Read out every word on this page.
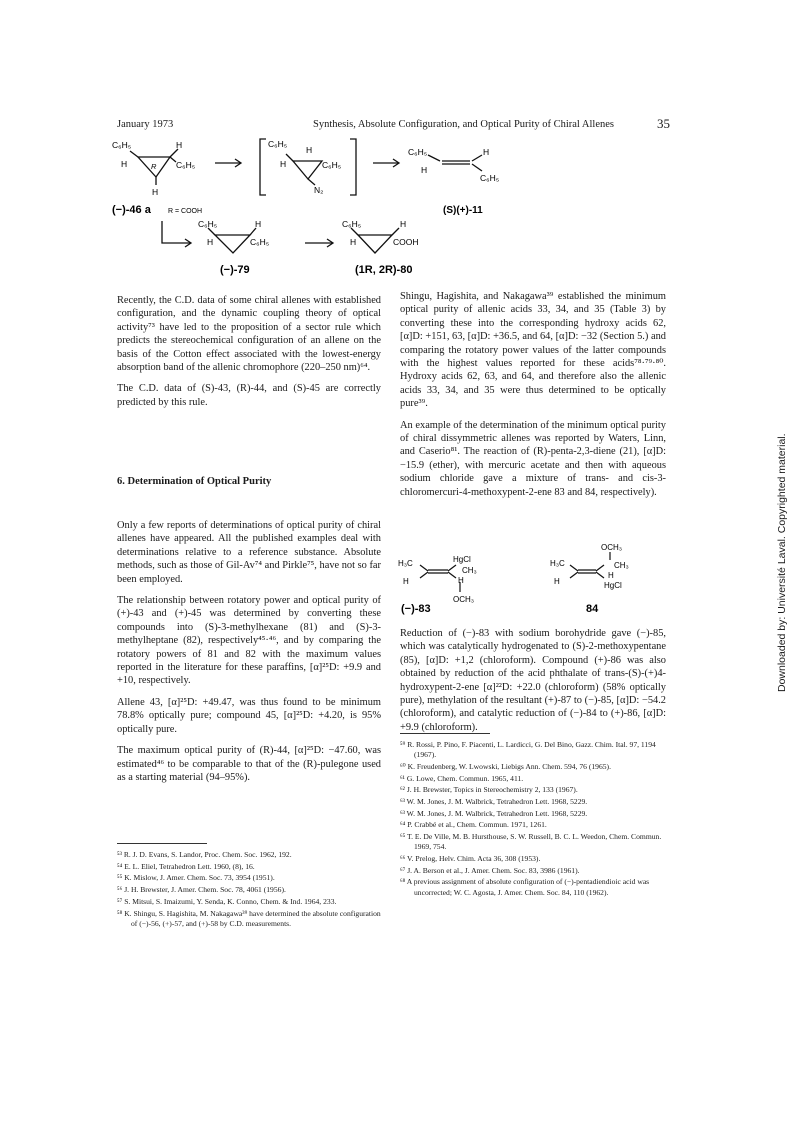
January 1973	Synthesis, Absolute Configuration, and Optical Purity of Chiral Allenes	35
C₆H₅	H
H	R C₆H₅
H
C₆H₅
H
H	C₆H₅
N₂
C₆H₅
H
H
C₆H₅
C₆H₅	H
H	C₆H₅
C₆H₅	H
H	COOH
(−)-46 a R = COOH	(S)(+)-11
(−)-79	(1R, 2R)-80

Recently, the C.D. data of some chiral allenes with established configuration, and the dynamic coupling theory of optical activity⁷³ have led to the proposition of a sector rule which predicts the stereochemical configuration of an allene on the basis of the Cotton effect associated with the lowest-energy absorption band of the allenic chromophore (220–250 nm)⁶⁴.

The C.D. data of (S)-43, (R)-44, and (S)-45 are correctly predicted by this rule.

6. Determination of Optical Purity

Only a few reports of determinations of optical purity of chiral allenes have appeared. All the published examples deal with determinations relative to a reference substance. Absolute methods, such as those of Gil-Av⁷⁴ and Pirkle⁷⁵, have not so far been employed.

The relationship between rotatory power and optical purity of (+)-43 and (+)-45 was determined by converting these compounds into (S)-3-methylhexane (81) and (S)-3-methylheptane (82), respectively⁴⁵·⁴⁶, and by comparing the rotatory powers of 81 and 82 with the maximum values reported in the literature for these paraffins, [α]²⁵D: +9.9 and +10, respectively.

Allene 43, [α]²⁵D: +49.47, was thus found to be minimum 78.8% optically pure; compound 45, [α]²⁵D: +4.20, is 95% optically pure.

The maximum optical purity of (R)-44, [α]²⁵D: −47.60, was estimated⁴⁶ to be comparable to that of the (R)-pulegone used as a starting material (94–95%).

Shingu, Hagishita, and Nakagawa³⁹ established the minimum optical purity of allenic acids 33, 34, and 35 (Table 3) by converting these into the corresponding hydroxy acids 62, [α]D: +151, 63, [α]D: +36.5, and 64, [α]D: −32 (Section 5.) and comparing the rotatory power values of the latter compounds with the highest values reported for these acids⁷⁸·⁷⁹·⁸⁰. Hydroxy acids 62, 63, and 64, and therefore also the allenic acids 33, 34, and 35 were thus determined to be optically pure³⁹.

An example of the determination of the minimum optical purity of chiral dissymmetric allenes was reported by Waters, Linn, and Caserio⁸¹. The reaction of (R)-penta-2,3-diene (21), [α]D: −15.9 (ether), with mercuric acetate and then with aqueous sodium chloride gave a mixture of trans- and cis-3-chloromercuri-4-methoxypent-2-ene 83 and 84, respectively).

H₃C
H
HgCl
CH₃
H
OCH₃
H₃C
H
OCH₃
CH₃
H
HgCl
(−)-83	84

Reduction of (−)-83 with sodium borohydride gave (−)-85, which was catalytically hydrogenated to (S)-2-methoxypentane (85), [α]D: +1,2 (chloroform). Compound (+)-86 was also obtained by reduction of the acid phthalate of trans-(S)-(+)4-hydroxypent-2-ene [α]²²D: +22.0 (chloroform) (58% optically pure), methylation of the resultant (+)-87 to (−)-85, [α]D: −54.2 (chloroform), and catalytic reduction of (−)-84 to (+)-86, [α]D: +9.9 (chloroform).

⁵³ R. J. D. Evans, S. Landor, Proc. Chem. Soc. 1962, 192.
⁵⁴ E. L. Eliel, Tetrahedron Lett. 1960, (8), 16.
⁵⁵ K. Mislow, J. Amer. Chem. Soc. 73, 3954 (1951).
⁵⁶ J. H. Brewster, J. Amer. Chem. Soc. 78, 4061 (1956).
⁵⁷ S. Mitsui, S. Imaizumi, Y. Senda, K. Conno, Chem. & Ind. 1964, 233.
⁵⁸ K. Shingu, S. Hagishita, M. Nakagawa³⁹ have determined the absolute configuration of (−)-56, (+)-57, and (+)-58 by C.D. measurements.
⁵⁹ R. Rossi, P. Pino, F. Piacenti, L. Lardicci, G. Del Bino, Gazz. Chim. Ital. 97, 1194 (1967).
⁶⁰ K. Freudenberg, W. Lwowski, Liebigs Ann. Chem. 594, 76 (1965).
⁶¹ G. Lowe, Chem. Commun. 1965, 411.
⁶² J. H. Brewster, Topics in Stereochemistry 2, 133 (1967).
⁶³ W. M. Jones, J. M. Walbrick, Tetrahedron Lett. 1968, 5229.
⁶³ W. M. Jones, J. M. Walbrick, Tetrahedron Lett. 1968, 5229.
⁶⁴ P. Crabbé et al., Chem. Commun. 1971, 1261.
⁶⁵ T. E. De Ville, M. B. Hursthouse, S. W. Russell, B. C. L. Weedon, Chem. Commun. 1969, 754.
⁶⁶ V. Prelog, Helv. Chim. Acta 36, 308 (1953).
⁶⁷ J. A. Berson et al., J. Amer. Chem. Soc. 83, 3986 (1961).
⁶⁸ A previous assignment of absolute configuration of (−)-pentadiendioic acid was uncorrected; W. C. Agosta, J. Amer. Chem. Soc. 84, 110 (1962).
Downloaded by: Université Laval. Copyrighted material.
